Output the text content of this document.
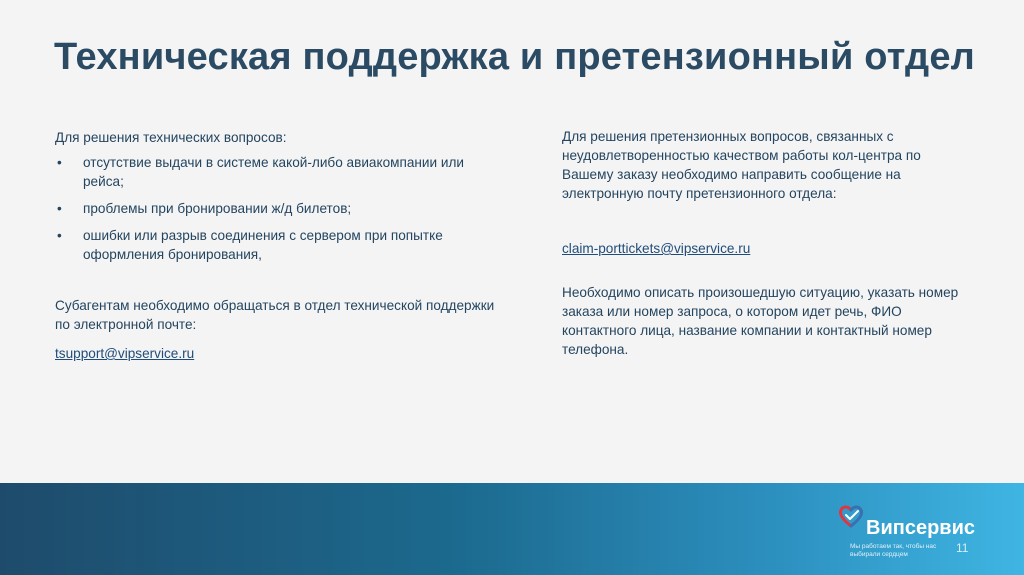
Техническая поддержка и претензионный отдел

Для решения технических вопросов:

• отсутствие выдачи в системе какой-либо авиакомпании или рейса;
• проблемы при бронировании ж/д билетов;
• ошибки или разрыв соединения с сервером при попытке оформления бронирования,

Субагентам необходимо обращаться в отдел технической поддержки по электронной почте:

tsupport@vipservice.ru

Для решения претензионных вопросов, связанных с неудовлетворенностью качеством работы кол-центра по Вашему заказу необходимо направить сообщение на электронную почту претензионного отдела:

claim-porttickets@vipservice.ru

Необходимо описать произошедшую ситуацию, указать номер заказа или номер запроса, о котором идет речь, ФИО контактного лица, название компании и контактный номер телефона.

Випсервис
Мы работаем так, чтобы нас выбирали сердцем	11
